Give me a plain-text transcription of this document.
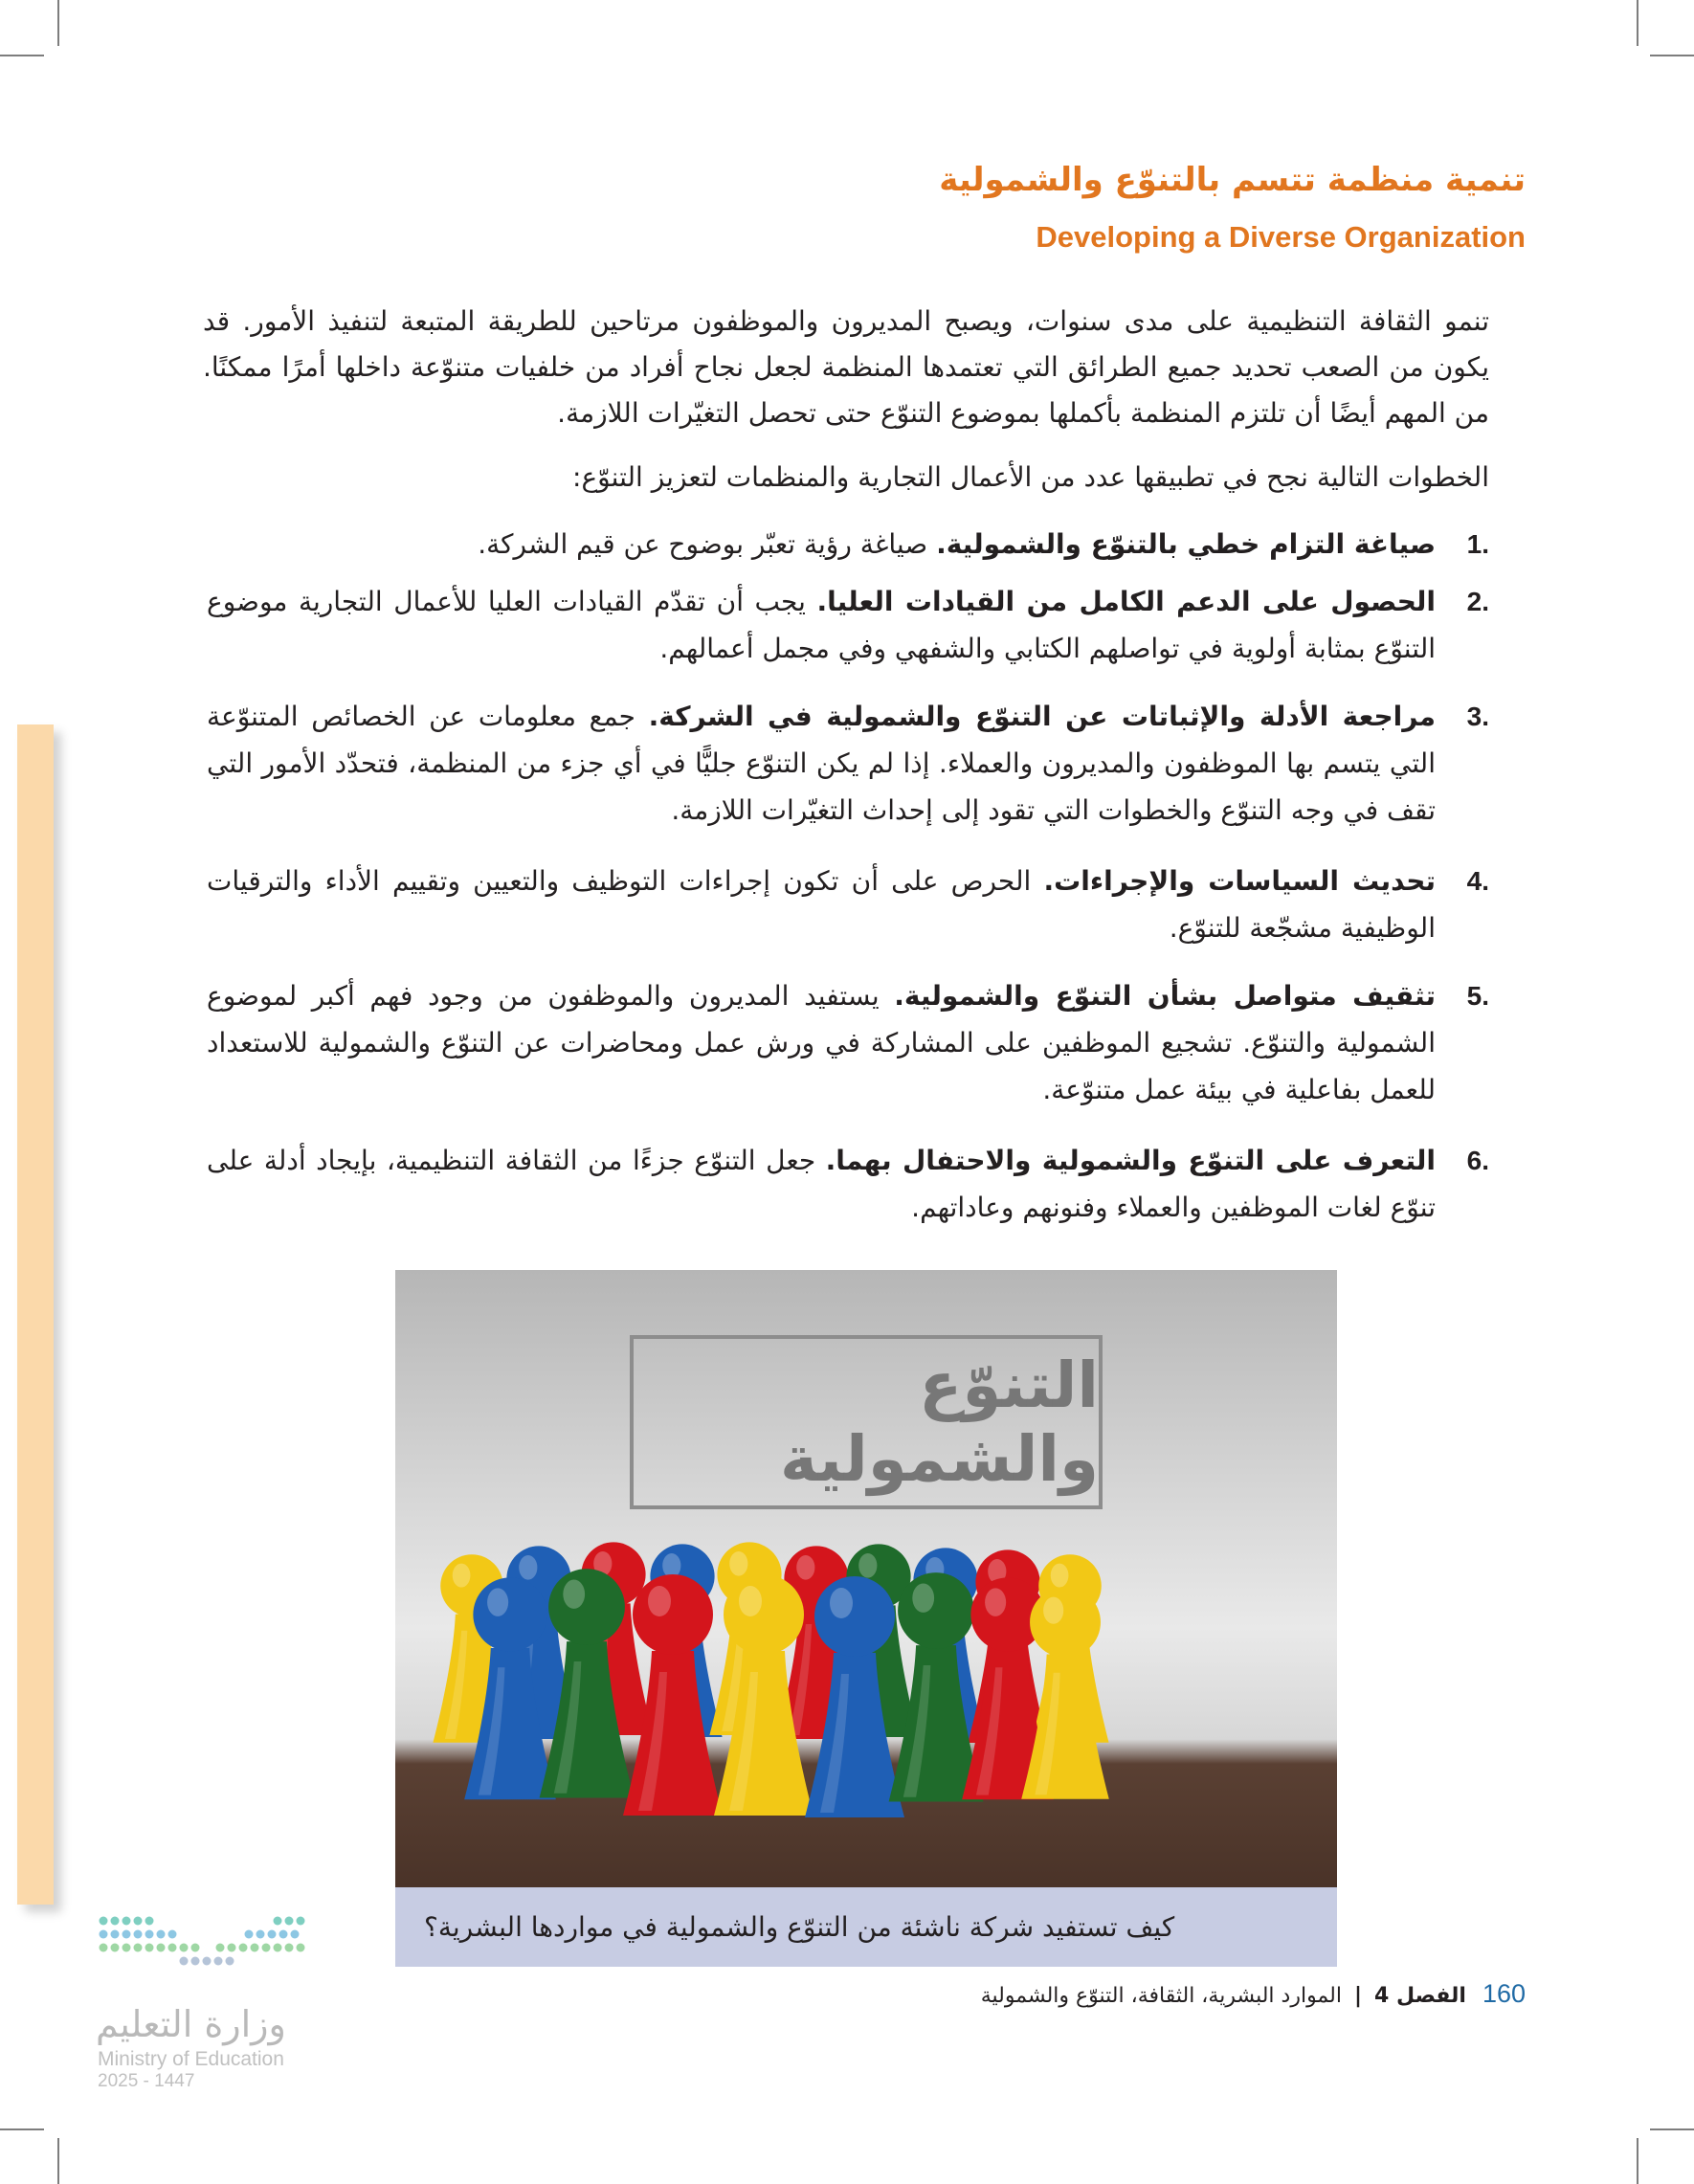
تنمية منظمة تتسم بالتنوّع والشمولية
Developing a Diverse Organization

تنمو الثقافة التنظيمية على مدى سنوات، ويصبح المديرون والموظفون مرتاحين للطريقة المتبعة لتنفيذ الأمور. قد يكون من الصعب تحديد جميع الطرائق التي تعتمدها المنظمة لجعل نجاح أفراد من خلفيات متنوّعة داخلها أمرًا ممكنًا. من المهم أيضًا أن تلتزم المنظمة بأكملها بموضوع التنوّع حتى تحصل التغيّرات اللازمة.

الخطوات التالية نجح في تطبيقها عدد من الأعمال التجارية والمنظمات لتعزيز التنوّع:

1.
صياغة التزام خطي بالتنوّع والشمولية. صياغة رؤية تعبّر بوضوح عن قيم الشركة.
2.
الحصول على الدعم الكامل من القيادات العليا. يجب أن تقدّم القيادات العليا للأعمال التجارية موضوع التنوّع بمثابة أولوية في تواصلهم الكتابي والشفهي وفي مجمل أعمالهم.
3.
مراجعة الأدلة والإثباتات عن التنوّع والشمولية في الشركة. جمع معلومات عن الخصائص المتنوّعة التي يتسم بها الموظفون والمديرون والعملاء. إذا لم يكن التنوّع جليًّا في أي جزء من المنظمة، فتحدّد الأمور التي تقف في وجه التنوّع والخطوات التي تقود إلى إحداث التغيّرات اللازمة.
4.
تحديث السياسات والإجراءات. الحرص على أن تكون إجراءات التوظيف والتعيين وتقييم الأداء والترقيات الوظيفية مشجّعة للتنوّع.
5.
تثقيف متواصل بشأن التنوّع والشمولية. يستفيد المديرون والموظفون من وجود فهم أكبر لموضوع الشمولية والتنوّع. تشجيع الموظفين على المشاركة في ورش عمل ومحاضرات عن التنوّع والشمولية للاستعداد للعمل بفاعلية في بيئة عمل متنوّعة.
6.
التعرف على التنوّع والشمولية والاحتفال بهما. جعل التنوّع جزءًا من الثقافة التنظيمية، بإيجاد أدلة على تنوّع لغات الموظفين والعملاء وفنونهم وعاداتهم.
التنوّع والشمولية
كيف تستفيد شركة ناشئة من التنوّع والشمولية في مواردها البشرية؟
160 الفصل 4 | الموارد البشرية، الثقافة، التنوّع والشمولية
وزارة التعليم
Ministry of Education
2025 - 1447
